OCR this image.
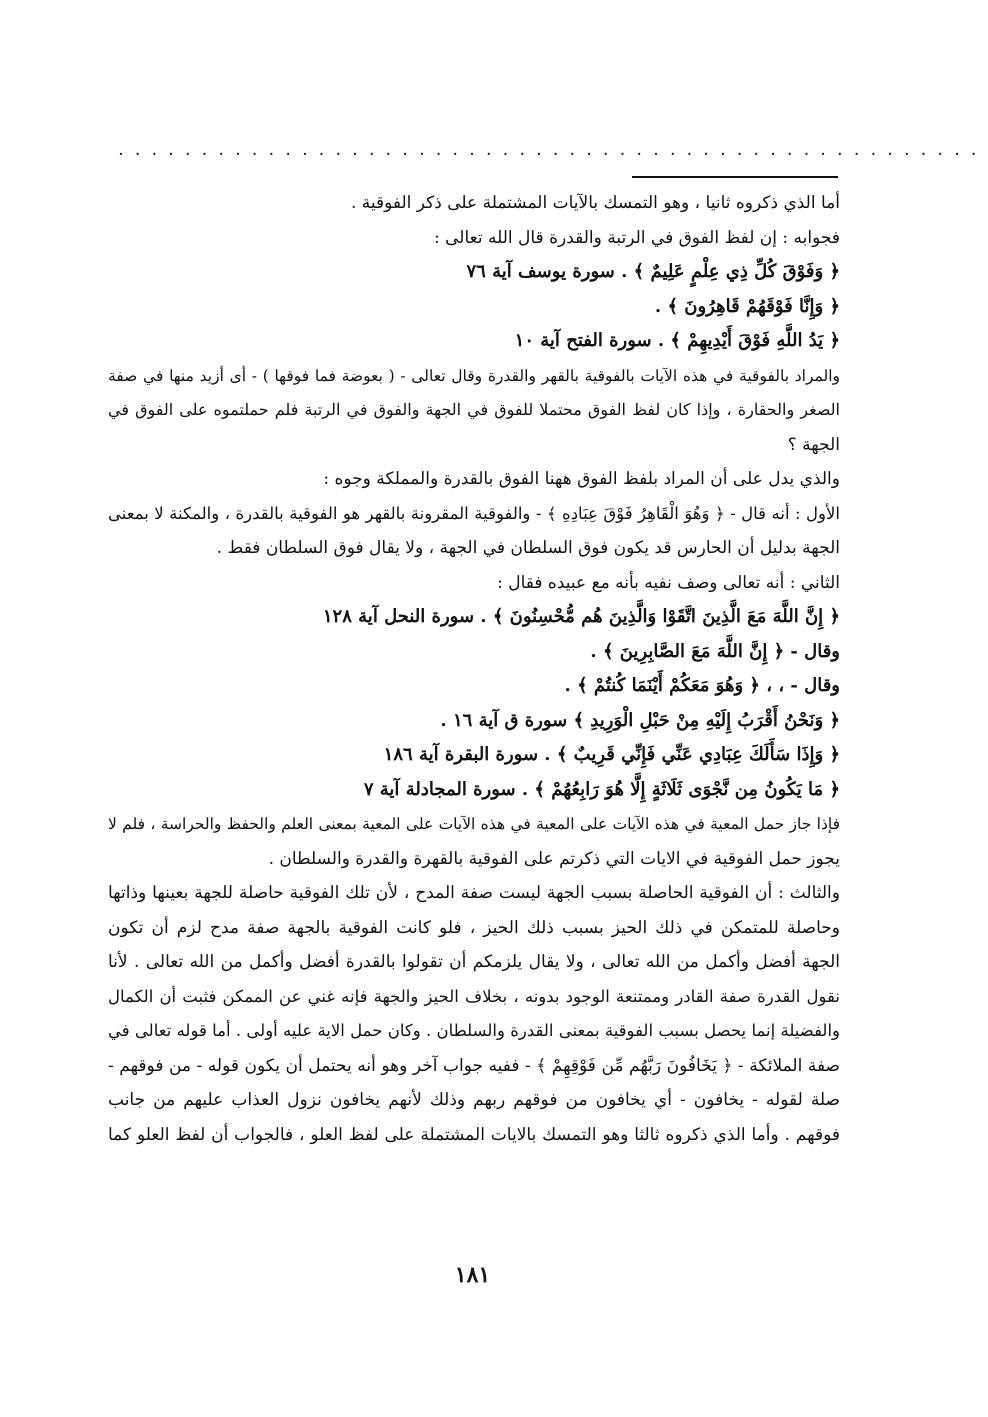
....................................................
أما الذي ذكروه ثانيا ، وهو التمسك بالآيات المشتملة على ذكر الفوقية .
فجوابه : إن لفظ الفوق في الرتبة والقدرة قال الله تعالى :
﴿ وَفَوْقَ كُلِّ ذِي عِلْمٍ عَلِيمٌ ﴾ . سورة يوسف آية ٧٦
﴿ وَإِنَّا فَوْقَهُمْ قَاهِرُونَ ﴾ .
﴿ يَدُ اللَّهِ فَوْقَ أَيْدِيهِمْ ﴾ . سورة الفتح آية ١٠
والمراد بالفوقية في هذه الآيات بالفوقية بالقهر والقدرة وقال تعالى - ( بعوضة فما فوقها ) - أى أزيد منها في صفة
الصغر والحقارة ، وإذا كان لفظ الفوق محتملا للفوق في الجهة والفوق في الرتبة فلم حملتموه على الفوق في
الجهة ؟
والذي يدل على أن المراد بلفظ الفوق ههنا الفوق بالقدرة والمملكة وجوه :
الأول : أنه قال - ﴿ وَهُوَ الْقَاهِرُ فَوْقَ عِبَادِهِ ﴾ - والفوقية المقرونة بالقهر هو الفوقية بالقدرة ، والمكنة لا بمعنى
الجهة بدليل أن الحارس قد يكون فوق السلطان في الجهة ، ولا يقال فوق السلطان فقط .
الثاني : أنه تعالى وصف نفيه بأنه مع عبيده فقال :
﴿ إِنَّ اللَّهَ مَعَ الَّذِينَ اتَّقَوْا وَالَّذِينَ هُم مُّحْسِنُونَ ﴾ . سورة النحل آية ١٢٨
وقال - ﴿ إِنَّ اللَّهَ مَعَ الصَّابِرِينَ ﴾ .
وقال - ، ، ﴿ وَهُوَ مَعَكُمْ أَيْنَمَا كُنتُمْ ﴾ .
﴿ وَنَحْنُ أَقْرَبُ إِلَيْهِ مِنْ حَبْلِ الْوَرِيدِ ﴾ سورة ق آية ١٦ .
﴿ وَإِذَا سَأَلَكَ عِبَادِي عَنِّي فَإِنِّي قَرِيبٌ ﴾ . سورة البقرة آية ١٨٦
﴿ مَا يَكُونُ مِن نَّجْوَى ثَلَاثَةٍ إِلَّا هُوَ رَابِعُهُمْ ﴾ . سورة المجادلة آية ٧
فإذا جاز حمل المعية في هذه الآيات على المعية في هذه الآيات على المعية بمعنى العلم والحفظ والحراسة ، فلم لا
يجوز حمل الفوقية في الايات التي ذكرتم على الفوقية بالقهرة والقدرة والسلطان .
والثالث : أن الفوقية الحاصلة بسبب الجهة ليست صفة المدح ، لأن تلك الفوقية حاصلة للجهة بعينها وذاتها
وحاصلة للمتمكن في ذلك الحيز بسبب ذلك الحيز ، فلو كانت الفوقية بالجهة صفة مدح لزم أن تكون
الجهة أفضل وأكمل من الله تعالى ، ولا يقال يلزمكم أن تقولوا بالقدرة أفضل وأكمل من الله تعالى . لأنا
نقول القدرة صفة القادر وممتنعة الوجود بدونه ، بخلاف الحيز والجهة فإنه غني عن الممكن فثبت أن الكمال
والفضيلة إنما يحصل بسبب الفوقية بمعنى القدرة والسلطان . وكان حمل الاية عليه أولى . أما قوله تعالى في
صفة الملائكة - ﴿ يَخَافُونَ رَبَّهُم مِّن فَوْقِهِمْ ﴾ - ففيه جواب آخر وهو أنه يحتمل أن يكون قوله - من فوقهم -
صلة لقوله - يخافون - أي يخافون من فوقهم ربهم وذلك لأنهم يخافون نزول العذاب عليهم من جانب
فوقهم . وأما الذي ذكروه ثالثا وهو التمسك بالايات المشتملة على لفظ العلو ، فالجواب أن لفظ العلو كما
١٨١
